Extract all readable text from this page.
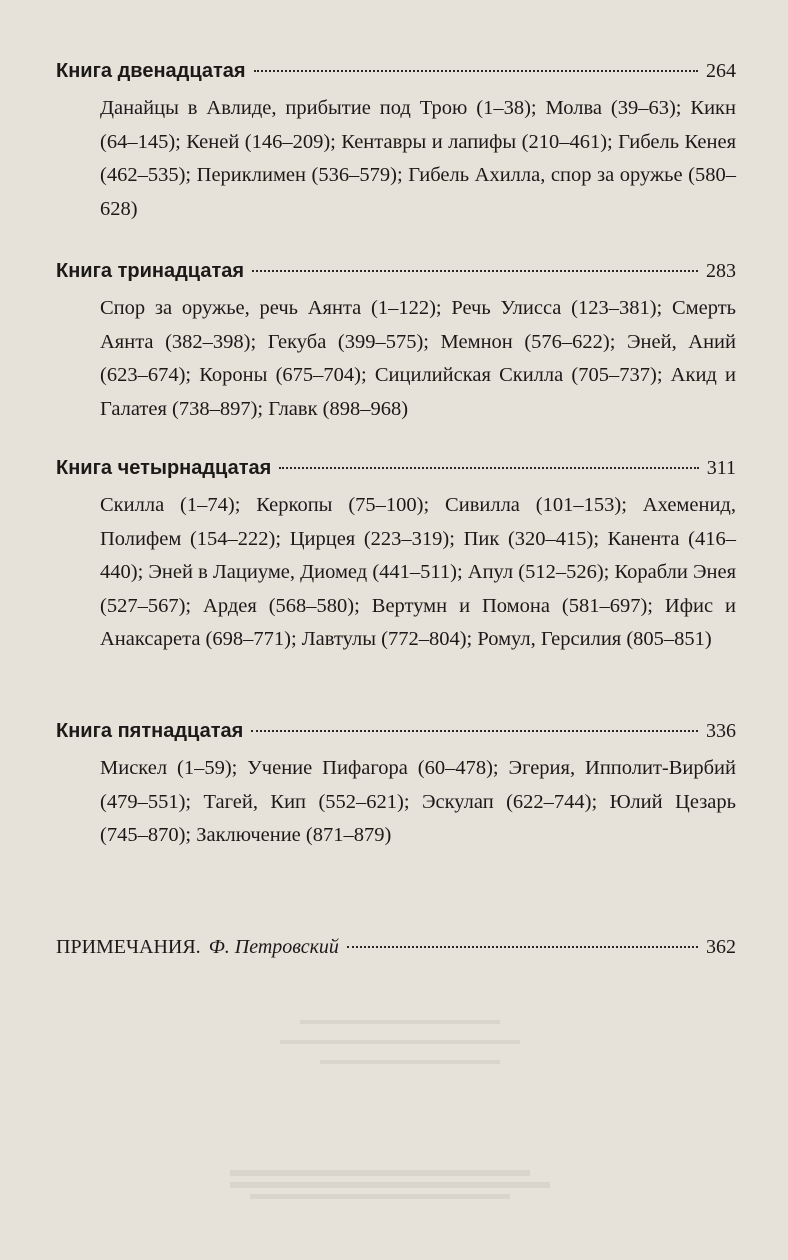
Книга двенадцатая	264
Данайцы в Авлиде, прибытие под Трою (1–38); Молва (39–63); Кикн (64–145); Кеней (146–209); Кентавры и лапифы (210–461); Гибель Кенея (462–535); Периклимен (536–579); Гибель Ахилла, спор за оружье (580–628)
Книга тринадцатая	283
Спор за оружье, речь Аянта (1–122); Речь Улисса (123–381); Смерть Аянта (382–398); Гекуба (399–575); Мемнон (576–622); Эней, Аний (623–674); Короны (675–704); Сицилийская Скилла (705–737); Акид и Галатея (738–897); Главк (898–968)
Книга четырнадцатая	311
Скилла (1–74); Керкопы (75–100); Сивилла (101–153); Ахеменид, Полифем (154–222); Цирцея (223–319); Пик (320–415); Канента (416–440); Эней в Лациуме, Диомед (441–511); Апул (512–526); Корабли Энея (527–567); Ардея (568–580); Вертумн и Помона (581–697); Ифис и Анаксарета (698–771); Лавтулы (772–804); Ромул, Герсилия (805–851)
Книга пятнадцатая	336
Мискел (1–59); Учение Пифагора (60–478); Эгерия, Ипполит-Вирбий (479–551); Тагей, Кип (552–621); Эскулап (622–744); Юлий Цезарь (745–870); Заключение (871–879)
ПРИМЕЧАНИЯ. Ф. Петровский	362
